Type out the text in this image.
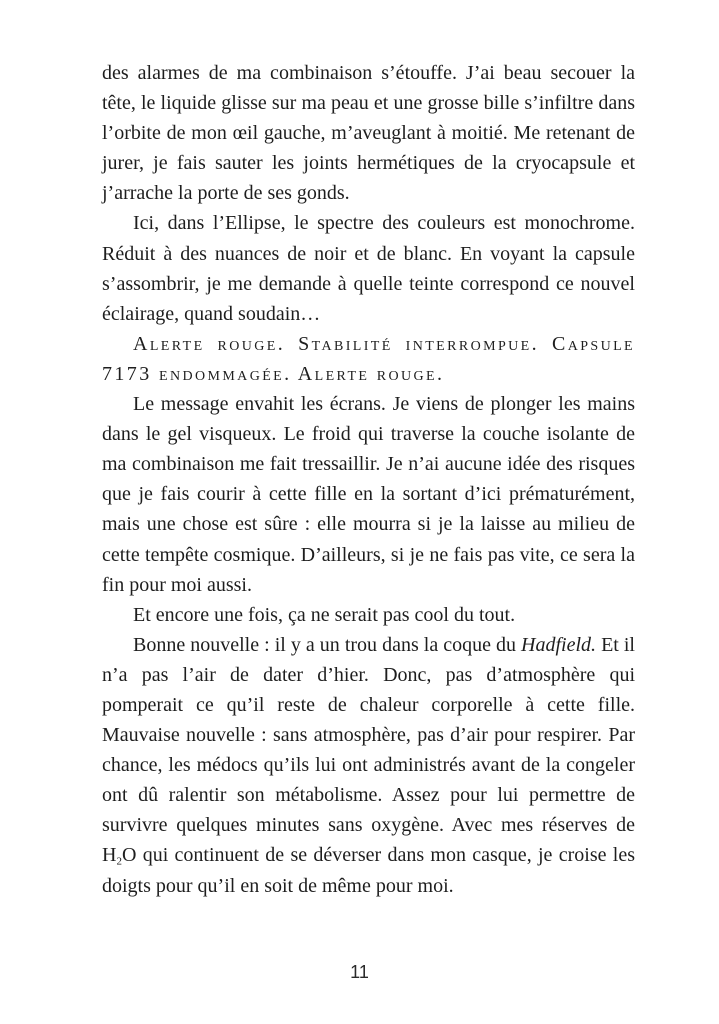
des alarmes de ma combinaison s’étouffe. J’ai beau secouer la tête, le liquide glisse sur ma peau et une grosse bille s’infiltre dans l’orbite de mon œil gauche, m’aveuglant à moitié. Me retenant de jurer, je fais sauter les joints hermétiques de la cryocapsule et j’arrache la porte de ses gonds.

Ici, dans l’Ellipse, le spectre des couleurs est monochrome. Réduit à des nuances de noir et de blanc. En voyant la capsule s’assombrir, je me demande à quelle teinte correspond ce nouvel éclairage, quand soudain…

Alerte rouge. Stabilité interrompue. Capsule 7173 endommagée. Alerte rouge.

Le message envahit les écrans. Je viens de plonger les mains dans le gel visqueux. Le froid qui traverse la couche isolante de ma combinaison me fait tressaillir. Je n’ai aucune idée des risques que je fais courir à cette fille en la sortant d’ici prématurément, mais une chose est sûre : elle mourra si je la laisse au milieu de cette tempête cosmique. D’ailleurs, si je ne fais pas vite, ce sera la fin pour moi aussi.

Et encore une fois, ça ne serait pas cool du tout.

Bonne nouvelle : il y a un trou dans la coque du Hadfield. Et il n’a pas l’air de dater d’hier. Donc, pas d’atmosphère qui pomperait ce qu’il reste de chaleur corporelle à cette fille. Mauvaise nouvelle : sans atmosphère, pas d’air pour respirer. Par chance, les médocs qu’ils lui ont administrés avant de la congeler ont dû ralentir son métabolisme. Assez pour lui permettre de survivre quelques minutes sans oxygène. Avec mes réserves de $H_2O$ qui continuent de se déverser dans mon casque, je croise les doigts pour qu’il en soit de même pour moi.

11
